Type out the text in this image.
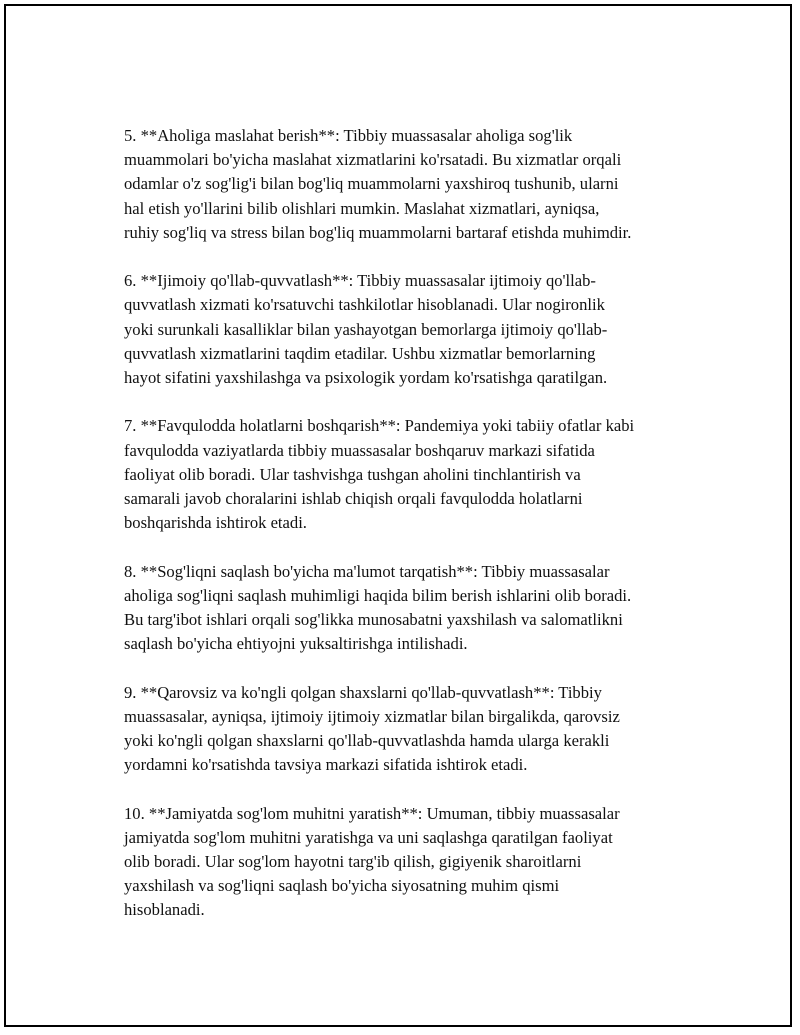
5. **Aholiga maslahat berish**: Tibbiy muassasalar aholiga sog'lik
muammolari bo'yicha maslahat xizmatlarini ko'rsatadi. Bu xizmatlar orqali
odamlar o'z sog'lig'i bilan bog'liq muammolarni yaxshiroq tushunib, ularni
hal etish yo'llarini bilib olishlari mumkin. Maslahat xizmatlari, ayniqsa,
ruhiy sog'liq va stress bilan bog'liq muammolarni bartaraf etishda muhimdir.

6. **Ijimoiy qo'llab-quvvatlash**: Tibbiy muassasalar ijtimoiy qo'llab-
quvvatlash xizmati ko'rsatuvchi tashkilotlar hisoblanadi. Ular nogironlik
yoki surunkali kasalliklar bilan yashayotgan bemorlarga ijtimoiy qo'llab-
quvvatlash xizmatlarini taqdim etadilar. Ushbu xizmatlar bemorlarning
hayot sifatini yaxshilashga va psixologik yordam ko'rsatishga qaratilgan.

7. **Favqulodda holatlarni boshqarish**: Pandemiya yoki tabiiy ofatlar kabi
favqulodda vaziyatlarda tibbiy muassasalar boshqaruv markazi sifatida
faoliyat olib boradi. Ular tashvishga tushgan aholini tinchlantirish va
samarali javob choralarini ishlab chiqish orqali favqulodda holatlarni
boshqarishda ishtirok etadi.

8. **Sog'liqni saqlash bo'yicha ma'lumot tarqatish**: Tibbiy muassasalar
aholiga sog'liqni saqlash muhimligi haqida bilim berish ishlarini olib boradi.
Bu targ'ibot ishlari orqali sog'likka munosabatni yaxshilash va salomatlikni
saqlash bo'yicha ehtiyojni yuksaltirishga intilishadi.

9. **Qarovsiz va ko'ngli qolgan shaxslarni qo'llab-quvvatlash**: Tibbiy
muassasalar, ayniqsa, ijtimoiy ijtimoiy xizmatlar bilan birgalikda, qarovsiz
yoki ko'ngli qolgan shaxslarni qo'llab-quvvatlashda hamda ularga kerakli
yordamni ko'rsatishda tavsiya markazi sifatida ishtirok etadi.

10. **Jamiyatda sog'lom muhitni yaratish**: Umuman, tibbiy muassasalar
jamiyatda sog'lom muhitni yaratishga va uni saqlashga qaratilgan faoliyat
olib boradi. Ular sog'lom hayotni targ'ib qilish, gigiyenik sharoitlarni
yaxshilash va sog'liqni saqlash bo'yicha siyosatning muhim qismi
hisoblanadi.
